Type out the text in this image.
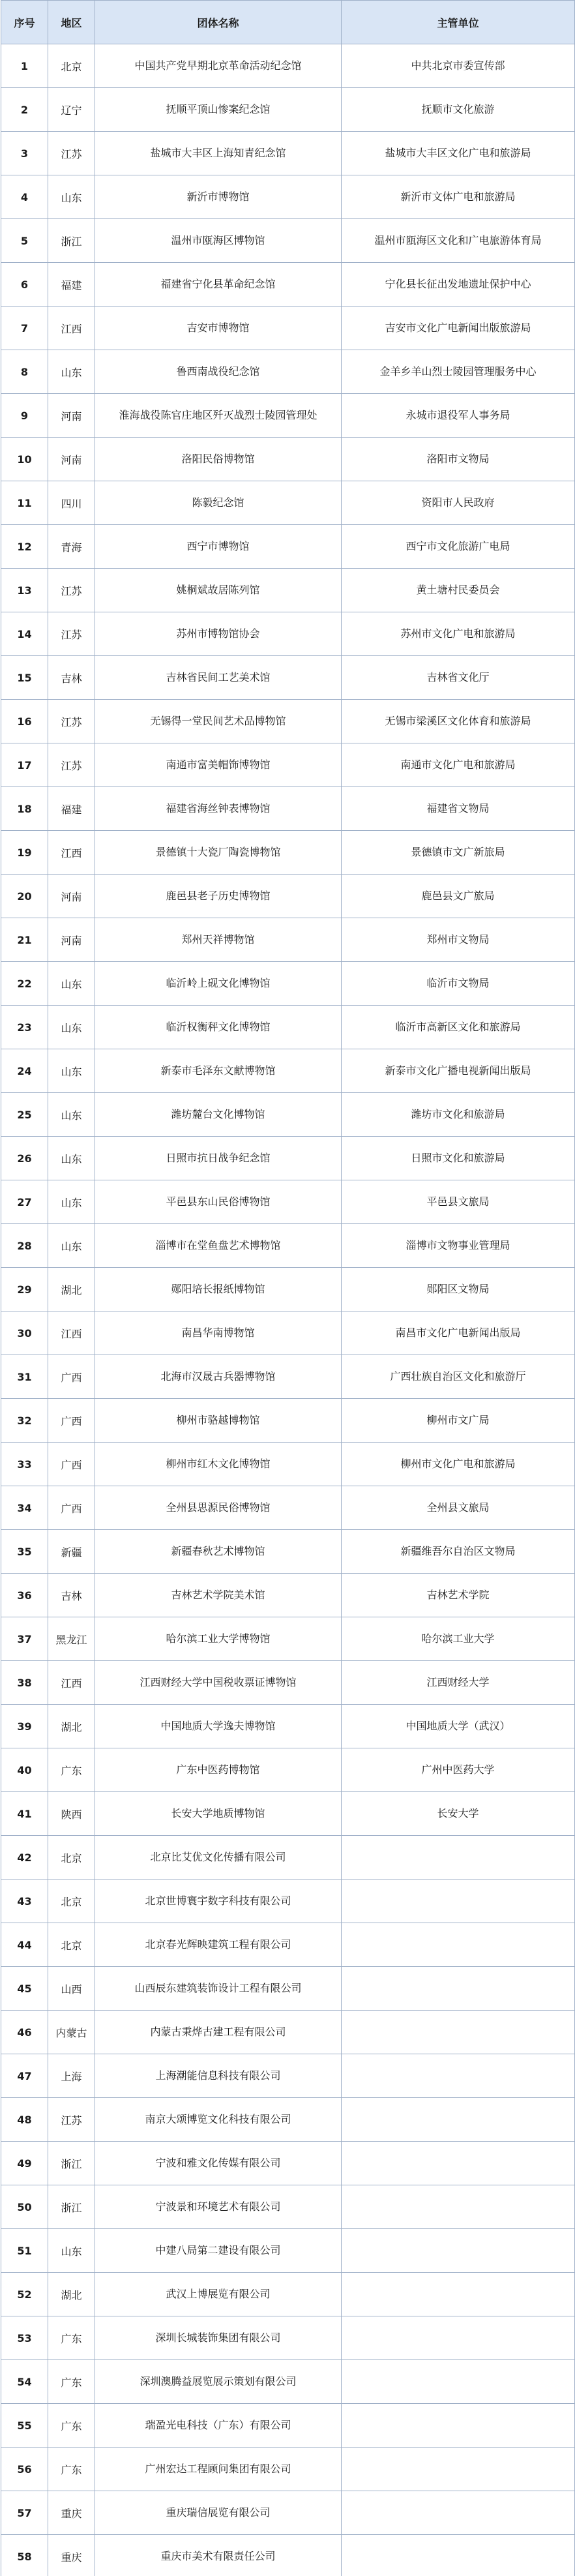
序号	地区	团体名称	主管单位
1	北京	中国共产党早期北京革命活动纪念馆	中共北京市委宣传部
2	辽宁	抚顺平顶山惨案纪念馆	抚顺市文化旅游
3	江苏	盐城市大丰区上海知青纪念馆	盐城市大丰区文化广电和旅游局
4	山东	新沂市博物馆	新沂市文体广电和旅游局
5	浙江	温州市瓯海区博物馆	温州市瓯海区文化和广电旅游体育局
6	福建	福建省宁化县革命纪念馆	宁化县长征出发地遗址保护中心
7	江西	吉安市博物馆	吉安市文化广电新闻出版旅游局
8	山东	鲁西南战役纪念馆	金羊乡羊山烈士陵园管理服务中心
9	河南	淮海战役陈官庄地区歼灭战烈士陵园管理处	永城市退役军人事务局
10	河南	洛阳民俗博物馆	洛阳市文物局
11	四川	陈毅纪念馆	资阳市人民政府
12	青海	西宁市博物馆	西宁市文化旅游广电局
13	江苏	姚桐斌故居陈列馆	黄土塘村民委员会
14	江苏	苏州市博物馆协会	苏州市文化广电和旅游局
15	吉林	吉林省民间工艺美术馆	吉林省文化厅
16	江苏	无锡得一堂民间艺术品博物馆	无锡市梁溪区文化体育和旅游局
17	江苏	南通市富美帽饰博物馆	南通市文化广电和旅游局
18	福建	福建省海丝钟表博物馆	福建省文物局
19	江西	景德镇十大瓷厂陶瓷博物馆	景德镇市文广新旅局
20	河南	鹿邑县老子历史博物馆	鹿邑县文广旅局
21	河南	郑州天祥博物馆	郑州市文物局
22	山东	临沂岭上砚文化博物馆	临沂市文物局
23	山东	临沂权衡秤文化博物馆	临沂市高新区文化和旅游局
24	山东	新泰市毛泽东文献博物馆	新泰市文化广播电视新闻出版局
25	山东	潍坊麓台文化博物馆	潍坊市文化和旅游局
26	山东	日照市抗日战争纪念馆	日照市文化和旅游局
27	山东	平邑县东山民俗博物馆	平邑县文旅局
28	山东	淄博市在堂鱼盘艺术博物馆	淄博市文物事业管理局
29	湖北	郧阳培长报纸博物馆	郧阳区文物局
30	江西	南昌华南博物馆	南昌市文化广电新闻出版局
31	广西	北海市汉晟古兵器博物馆	广西壮族自治区文化和旅游厅
32	广西	柳州市骆越博物馆	柳州市文广局
33	广西	柳州市红木文化博物馆	柳州市文化广电和旅游局
34	广西	全州县思源民俗博物馆	全州县文旅局
35	新疆	新疆春秋艺术博物馆	新疆维吾尔自治区文物局
36	吉林	吉林艺术学院美术馆	吉林艺术学院
37	黑龙江	哈尔滨工业大学博物馆	哈尔滨工业大学
38	江西	江西财经大学中国税收票证博物馆	江西财经大学
39	湖北	中国地质大学逸夫博物馆	中国地质大学（武汉）
40	广东	广东中医药博物馆	广州中医药大学
41	陕西	长安大学地质博物馆	长安大学
42	北京	北京比艾优文化传播有限公司	
43	北京	北京世博寰宇数字科技有限公司	
44	北京	北京春光辉映建筑工程有限公司	
45	山西	山西辰东建筑装饰设计工程有限公司	
46	内蒙古	内蒙古秉烨古建工程有限公司	
47	上海	上海潮能信息科技有限公司	
48	江苏	南京大颂博览文化科技有限公司	
49	浙江	宁波和雅文化传媒有限公司	
50	浙江	宁波景和环境艺术有限公司	
51	山东	中建八局第二建设有限公司	
52	湖北	武汉上博展览有限公司	
53	广东	深圳长城装饰集团有限公司	
54	广东	深圳澳腾益展览展示策划有限公司	
55	广东	瑞盈光电科技（广东）有限公司	
56	广东	广州宏达工程顾问集团有限公司	
57	重庆	重庆瑞信展览有限公司	
58	重庆	重庆市美术有限责任公司	
